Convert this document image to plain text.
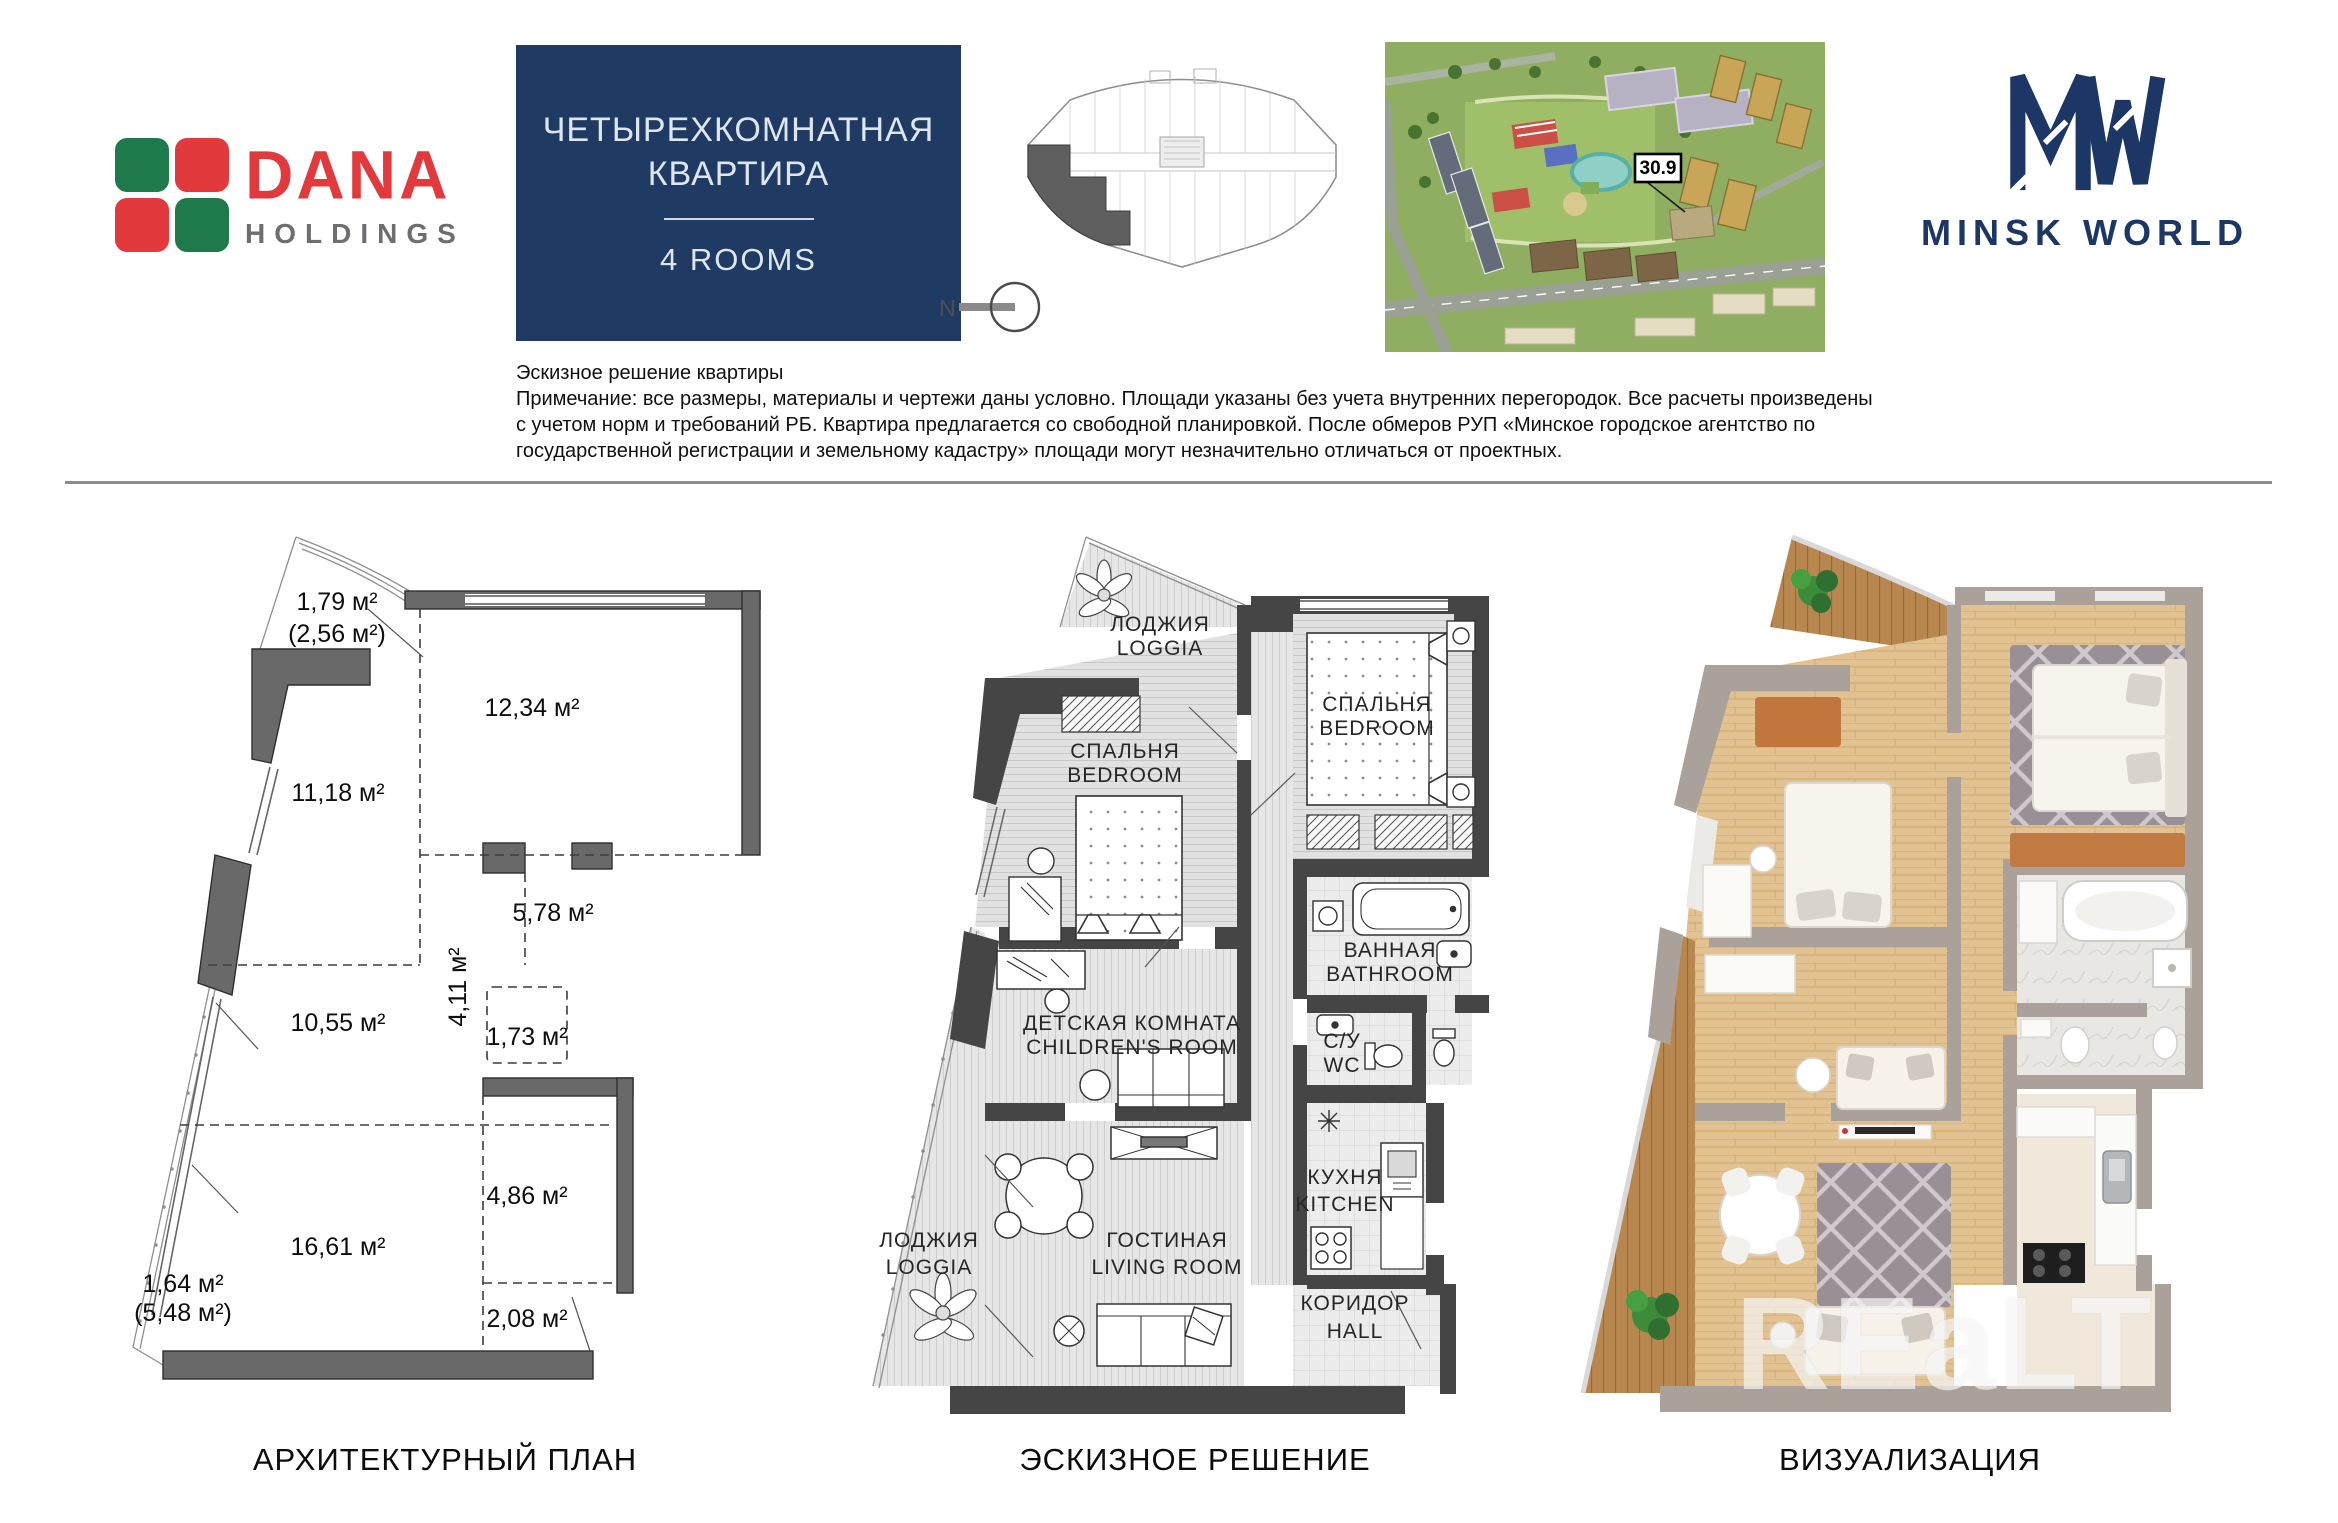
DANA
HOLDINGS
ЧЕТЫРЕХКОМНАТНАЯ
КВАРТИРА
4 ROOMS
N
30.9
MINSK WORLD
Эскизное решение квартиры
Примечание: все размеры, материалы и чертежи даны условно. Площади указаны без учета внутренних перегородок. Все расчеты произведены
с учетом норм и требований РБ. Квартира предлагается со свободной планировкой. После обмеров РУП «Минское городское агентство по
государственной регистрации и земельному кадастру» площади могут незначительно отличаться от проектных.
1,79 м²
(2,56 м²)
12,34 м²
11,18 м²
5,78 м²
4,11 м²
1,73 м²
10,55 м²
4,86 м²
16,61 м²
1,64 м²
(5,48 м²)	2,08 м²
ЛОДЖИЯ
LOGGIA
СПАЛЬНЯ
BEDROOM
СПАЛЬНЯ
BEDROOM
ВАННАЯ
BATHROOM
ДЕТСКАЯ КОМНАТА
CHILDREN'S ROOM	С/У
WC
КУХНЯ
KITCHEN
ГОСТИНАЯ
LIVING ROOM
ЛОДЖИЯ
LOGGIA
КОРИДОР
HALL	REaLT
АРХИТЕКТУРНЫЙ ПЛАН	ЭСКИЗНОЕ РЕШЕНИЕ	ВИЗУАЛИЗАЦИЯ
